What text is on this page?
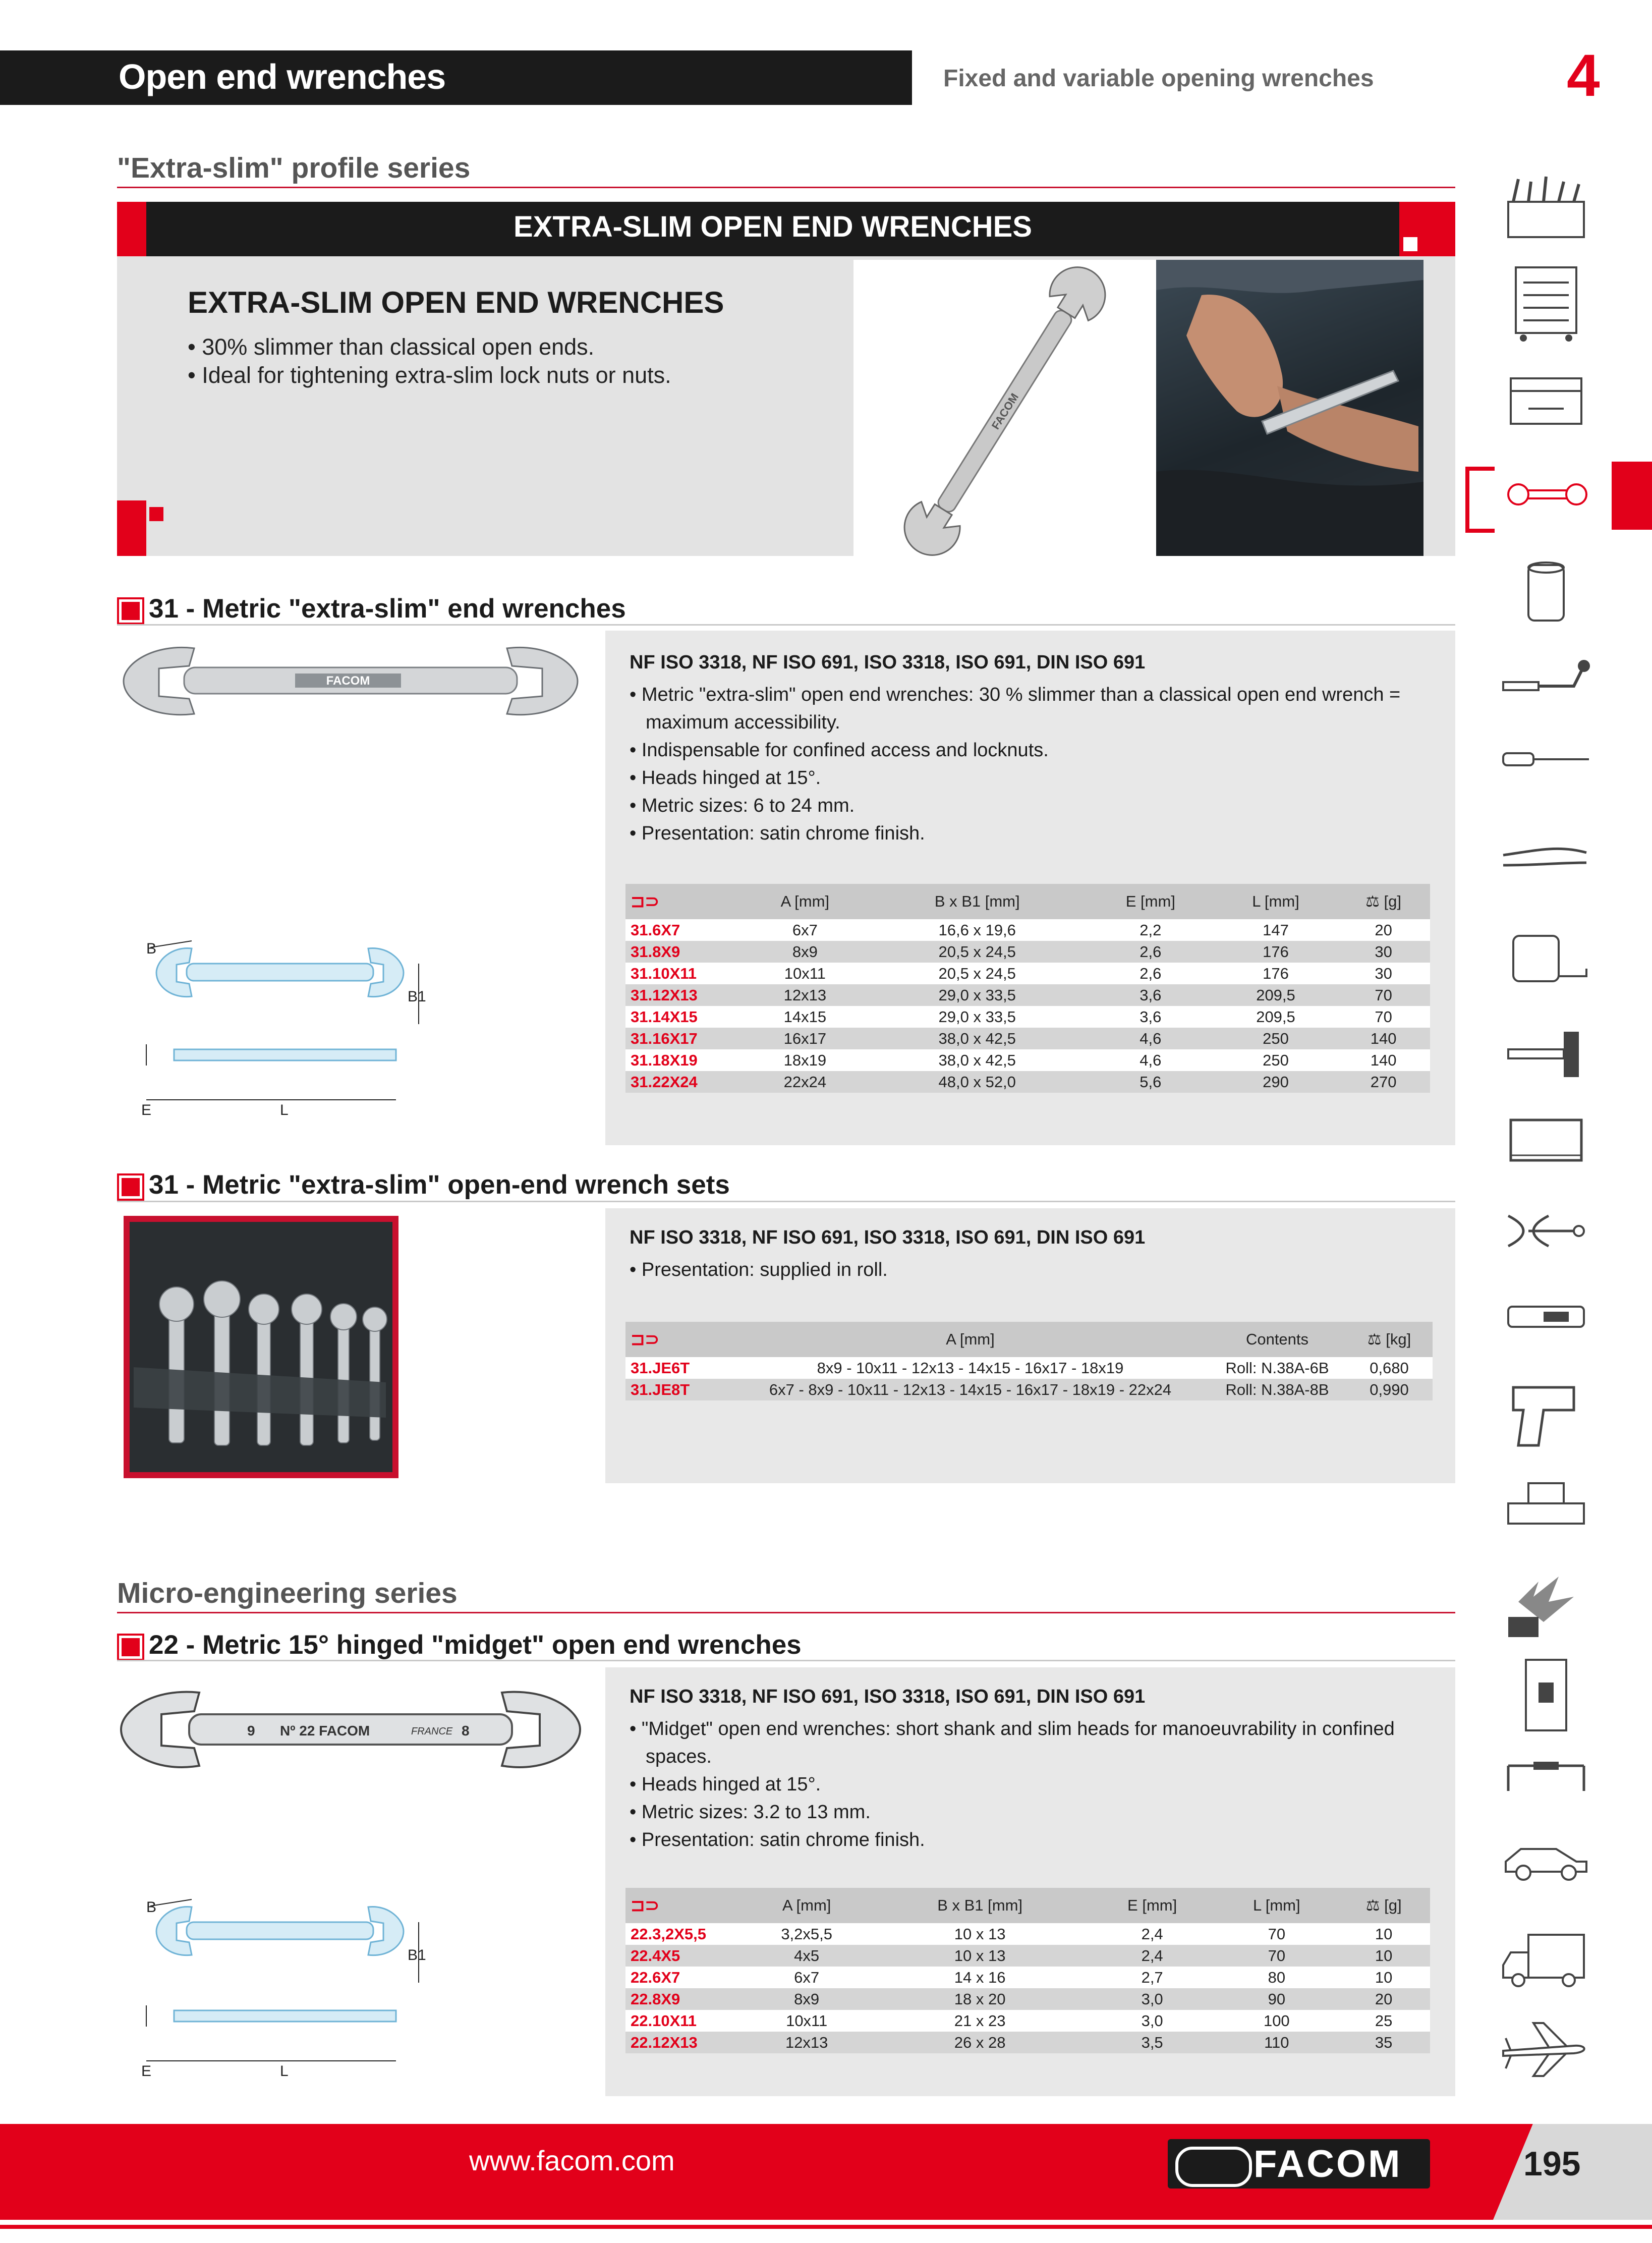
Open end wrenches	Fixed and variable opening wrenches	4
"Extra-slim" profile series
EXTRA-SLIM OPEN END WRENCHES
EXTRA-SLIM OPEN END WRENCHES
• 30% slimmer than classical open ends.
• Ideal for tightening extra-slim lock nuts or nuts.
FACOM
31 - Metric "extra-slim" end wrenches
FACOM
NF ISO 3318, NF ISO 691, ISO 3318, ISO 691, DIN ISO 691
• Metric "extra-slim" open end wrenches: 30 % slimmer than a classical open end wrench =
maximum accessibility.
• Indispensable for confined access and locknuts.
• Heads hinged at 15°.
• Metric sizes: 6 to 24 mm.
• Presentation: satin chrome finish.
⊐⊃	A [mm]	B x B1 [mm]	E [mm]	L [mm]	⚖ [g]
31.6X7	6x7	16,6 x 19,6	2,2	147	20
31.8X9	8x9	20,5 x 24,5	2,6	176	30
31.10X11	10x11	20,5 x 24,5	2,6	176	30
31.12X13	12x13	29,0 x 33,5	3,6	209,5	70
31.14X15	14x15	29,0 x 33,5	3,6	209,5	70
31.16X17	16x17	38,0 x 42,5	4,6	250	140
31.18X19	18x19	38,0 x 42,5	4,6	250	140
31.22X24	22x24	48,0 x 52,0	5,6	290	270
B
B1
E	L
31 - Metric "extra-slim" open-end wrench sets
NF ISO 3318, NF ISO 691, ISO 3318, ISO 691, DIN ISO 691
• Presentation: supplied in roll.
⊐⊃	A [mm]	Contents	⚖ [kg]
31.JE6T	8x9 - 10x11 - 12x13 - 14x15 - 16x17 - 18x19	Roll: N.38A-6B	0,680
31.JE8T	6x7 - 8x9 - 10x11 - 12x13 - 14x15 - 16x17 - 18x19 - 22x24	Roll: N.38A-8B	0,990
Micro-engineering series
22 - Metric 15° hinged "midget" open end wrenches
9 Nº 22 FACOM	FRANCE 8
NF ISO 3318, NF ISO 691, ISO 3318, ISO 691, DIN ISO 691
• "Midget" open end wrenches: short shank and slim heads for manoeuvrability in confined
spaces.
• Heads hinged at 15°.
• Metric sizes: 3.2 to 13 mm.
• Presentation: satin chrome finish.
⊐⊃	A [mm]	B x B1 [mm]	E [mm]	L [mm]	⚖ [g]
22.3,2X5,5	3,2x5,5	10 x 13	2,4	70	10
22.4X5	4x5	10 x 13	2,4	70	10
22.6X7	6x7	14 x 16	2,7	80	10
22.8X9	8x9	18 x 20	3,0	90	20
22.10X11	10x11	21 x 23	3,0	100	25
22.12X13	12x13	26 x 28	3,5	110	35
B
B1
E	L
www.facom.com	FACOM	195
